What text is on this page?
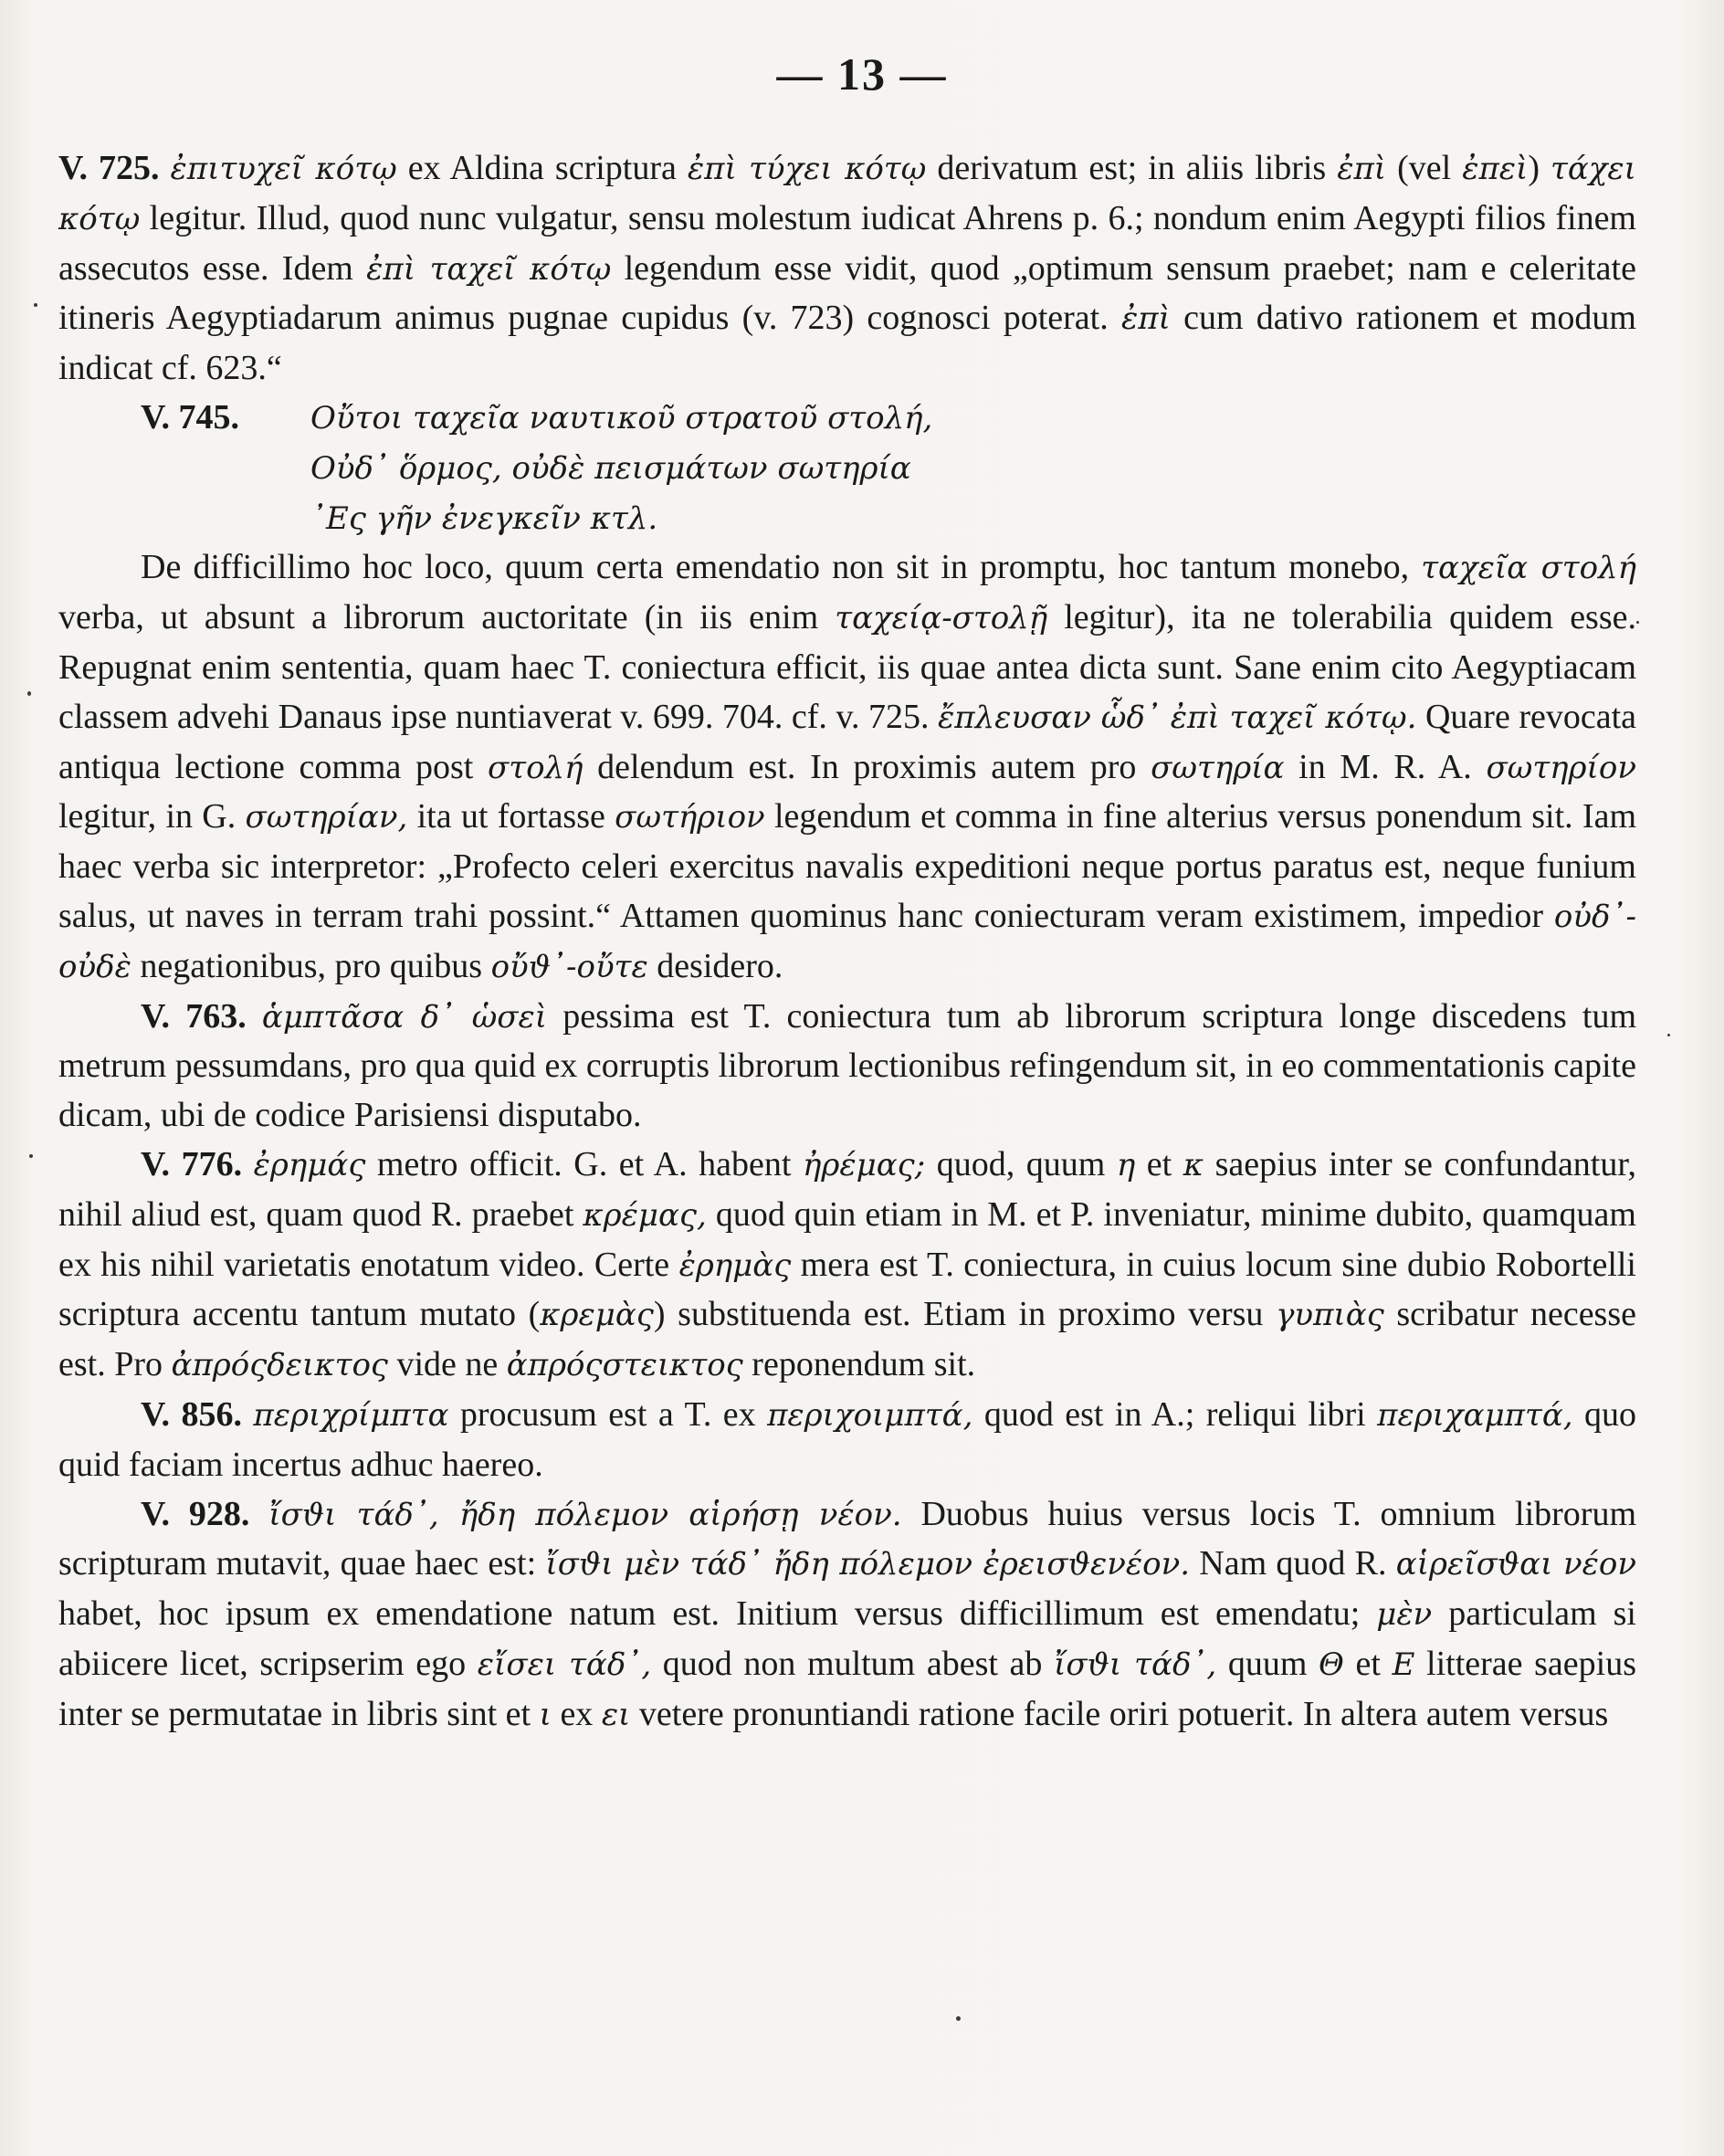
— 13 —

V. 725. ἐπιτυχεῖ κότῳ ex Aldina scriptura ἐπὶ τύχει κότῳ derivatum est; in aliis libris ἐπὶ (vel ἐπεὶ) τάχει κότῳ legitur. Illud, quod nunc vulgatur, sensu molestum iudicat Ahrens p. 6.; nondum enim Aegypti filios finem assecutos esse. Idem ἐπὶ ταχεῖ κότῳ legendum esse vidit, quod „optimum sensum praebet; nam e celeritate itineris Aegyptiadarum animus pugnae cupidus (v. 723) cognosci poterat. ἐπὶ cum dativo rationem et modum indicat cf. 623.“

V. 745. Οὔτοι ταχεῖα ναυτικοῦ στρατοῦ στολή,
Οὐδ᾿ ὅρμος, οὐδὲ πεισμάτων σωτηρία
᾿Ες γῆν ἐνεγκεῖν κτλ.

De difficillimo hoc loco, quum certa emendatio non sit in promptu, hoc tantum monebo, ταχεῖα στολή verba, ut absunt a librorum auctoritate (in iis enim ταχείᾳ-στολῇ legitur), ita ne tolerabilia quidem esse. Repugnat enim sententia, quam haec T. coniectura efficit, iis quae antea dicta sunt. Sane enim cito Aegyptiacam classem advehi Danaus ipse nuntiaverat v. 699. 704. cf. v. 725. ἔπλευσαν ὧδ᾿ ἐπὶ ταχεῖ κότῳ. Quare revocata antiqua lectione comma post στολή delendum est. In proximis autem pro σωτηρία in M. R. A. σωτηρίον legitur, in G. σωτηρίαν, ita ut fortasse σωτήριον legendum et comma in fine alterius versus ponendum sit. Iam haec verba sic interpretor: „Profecto celeri exercitus navalis expeditioni neque portus paratus est, neque funium salus, ut naves in terram trahi possint.“ Attamen quominus hanc coniecturam veram existimem, impedior οὐδ᾿-οὐδὲ negationibus, pro quibus οὔϑ᾿-οὔτε desidero.

V. 763. ἁμπτᾶσα δ᾿ ὡσεὶ pessima est T. coniectura tum ab librorum scriptura longe discedens tum metrum pessumdans, pro qua quid ex corruptis librorum lectionibus refingendum sit, in eo commentationis capite dicam, ubi de codice Parisiensi disputabo.

V. 776. ἐρημάς metro officit. G. et A. habent ἠρέμας; quod, quum η et κ saepius inter se confundantur, nihil aliud est, quam quod R. praebet κρέμας, quod quin etiam in M. et P. inveniatur, minime dubito, quamquam ex his nihil varietatis enotatum video. Certe ἐρημὰς mera est T. coniectura, in cuius locum sine dubio Robortelli scriptura accentu tantum mutato (κρεμὰς) substituenda est. Etiam in proximo versu γυπιὰς scribatur necesse est. Pro ἀπρόςδεικτος vide ne ἀπρόςστεικτος reponendum sit.

V. 856. περιχρίμπτα procusum est a T. ex περιχοιμπτά, quod est in A.; reliqui libri περιχαμπτά, quo quid faciam incertus adhuc haereo.

V. 928. ἴσϑι τάδ᾿, ἤδη πόλεμον αἱρήσῃ νέον. Duobus huius versus locis T. omnium librorum scripturam mutavit, quae haec est: ἴσϑι μὲν τάδ᾿ ἤδη πόλεμον ἐρεισϑενέον. Nam quod R. αἱρεῖσϑαι νέον habet, hoc ipsum ex emendatione natum est. Initium versus difficillimum est emendatu; μὲν particulam si abiicere licet, scripserim ego εἴσει τάδ᾿, quod non multum abest ab ἴσϑι τάδ᾿, quum Θ et Ε litterae saepius inter se permutatae in libris sint et ι ex ει vetere pronuntiandi ratione facile oriri potuerit. In altera autem versus
